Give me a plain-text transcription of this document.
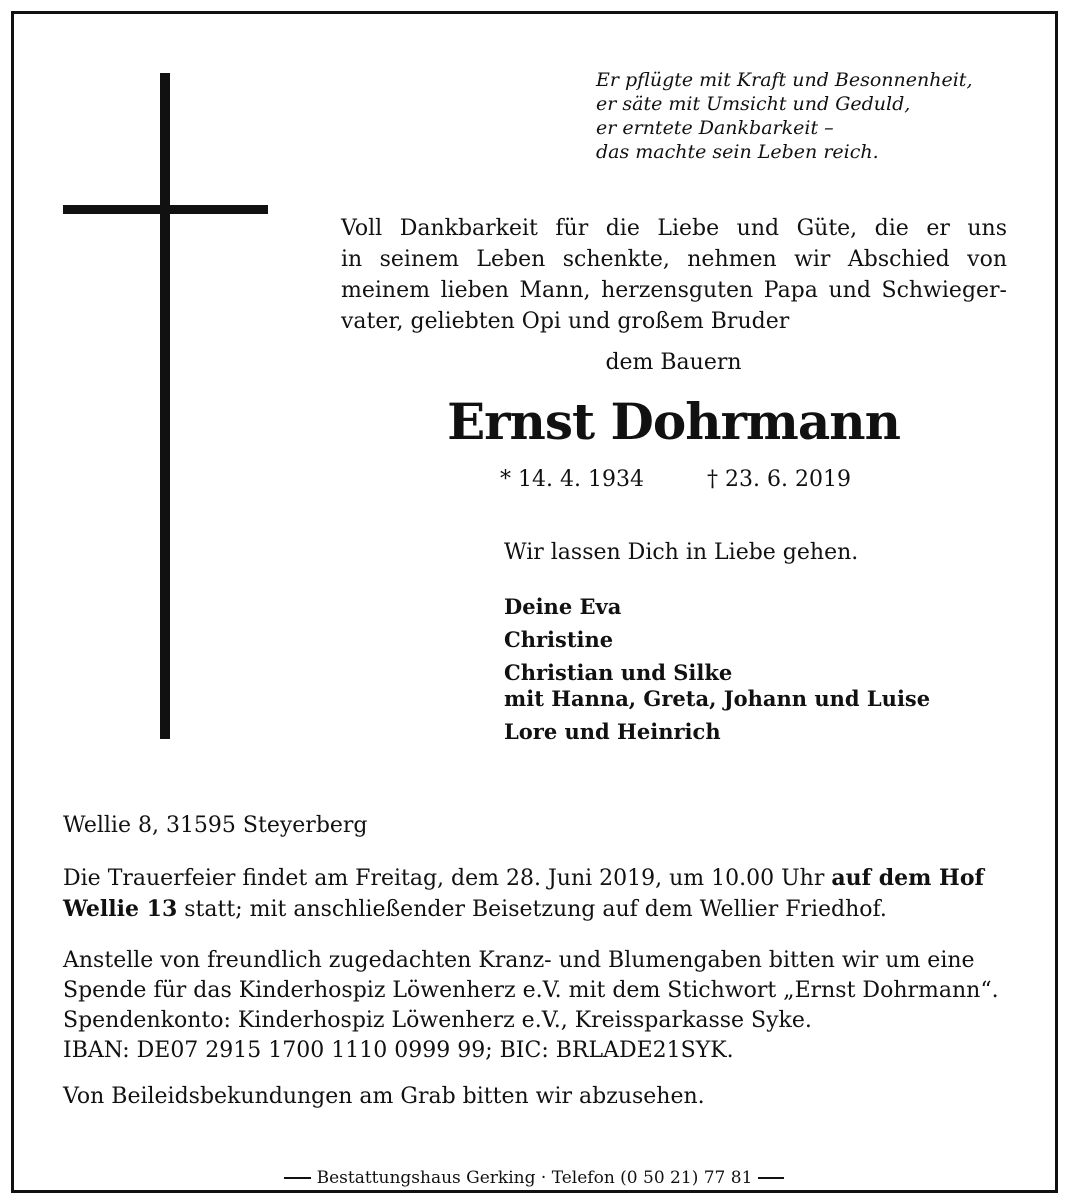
Er pflügte mit Kraft und Besonnenheit,
er säte mit Umsicht und Geduld,
er erntete Dankbarkeit –
das machte sein Leben reich.
Voll Dankbarkeit für die Liebe und Güte, die er uns
in seinem Leben schenkte, nehmen wir Abschied von
meinem lieben Mann, herzensguten Papa und Schwieger-
vater, geliebten Opi und großem Bruder
dem Bauern
Ernst Dohrmann
* 14. 4. 1934	† 23. 6. 2019
Wir lassen Dich in Liebe gehen.
Deine Eva
Christine
Christian und Silke
mit Hanna, Greta, Johann und Luise
Lore und Heinrich
Wellie 8, 31595 Steyerberg
Die Trauerfeier findet am Freitag, dem 28. Juni 2019, um 10.00 Uhr auf dem Hof
Wellie 13 statt; mit anschließender Beisetzung auf dem Wellier Friedhof.
Anstelle von freundlich zugedachten Kranz- und Blumengaben bitten wir um eine
Spende für das Kinderhospiz Löwenherz e.V. mit dem Stichwort „Ernst Dohrmann“.
Spendenkonto: Kinderhospiz Löwenherz e.V., Kreissparkasse Syke.
IBAN: DE07 2915 1700 1110 0999 99; BIC: BRLADE21SYK.
Von Beileidsbekundungen am Grab bitten wir abzusehen.
Bestattungshaus Gerking · Telefon (0 50 21) 77 81
